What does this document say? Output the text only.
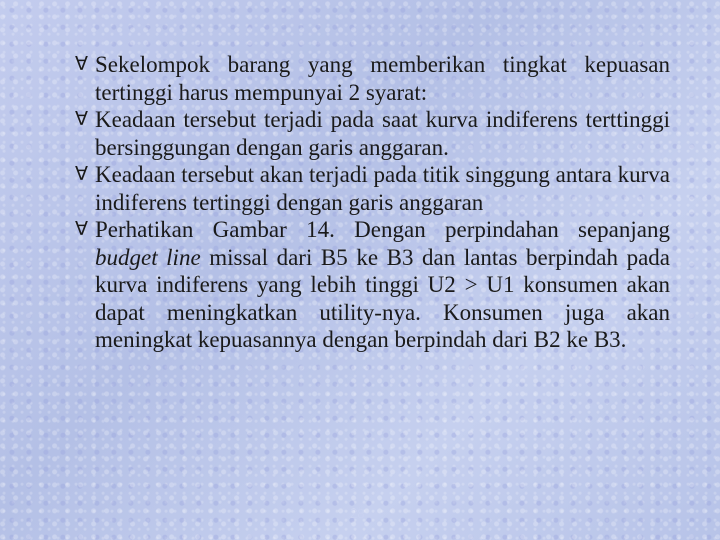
∀ Sekelompok barang yang memberikan tingkat kepuasan tertinggi harus mempunyai 2 syarat:
∀ Keadaan tersebut terjadi pada saat kurva indiferens terttinggi bersinggungan dengan garis anggaran.
∀ Keadaan tersebut akan terjadi pada titik singgung antara kurva indiferens tertinggi dengan garis anggaran
∀ Perhatikan Gambar 14. Dengan perpindahan sepanjang budget line missal dari B5 ke B3 dan lantas berpindah pada kurva indiferens yang lebih tinggi U2 > U1 konsumen akan dapat meningkatkan utility-nya. Konsumen juga akan meningkat kepuasannya dengan berpindah dari B2 ke B3.
28
